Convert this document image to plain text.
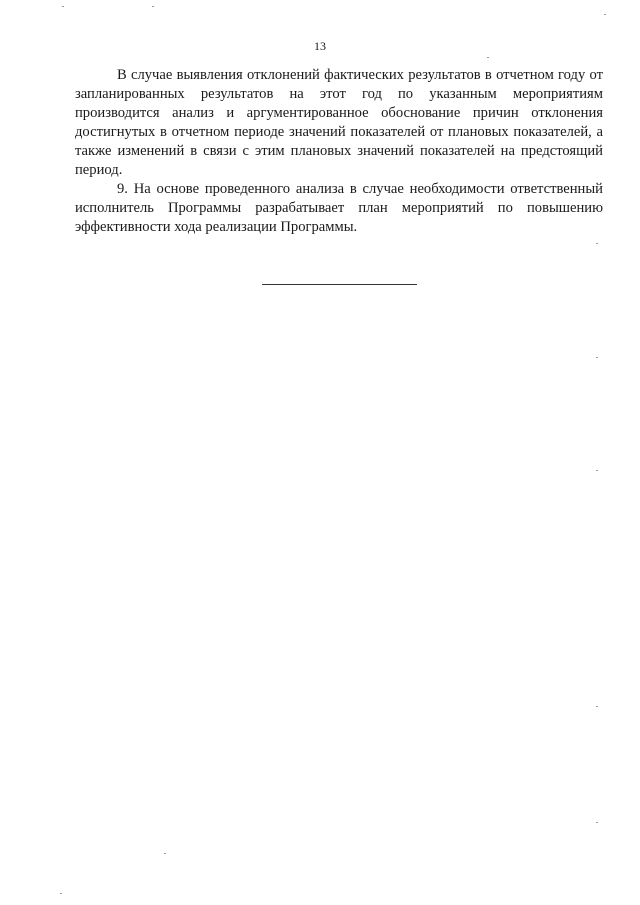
13

В случае выявления отклонений фактических результатов в отчетном году от запланированных результатов на этот год по указанным мероприятиям производится анализ и аргументированное обоснование причин отклонения достигнутых в отчетном периоде значений показателей от плановых показателей, а также изменений в связи с этим плановых значений показателей на предстоящий период.

9. На основе проведенного анализа в случае необходимости ответственный исполнитель Программы разрабатывает план мероприятий по повышению эффективности хода реализации Программы.
